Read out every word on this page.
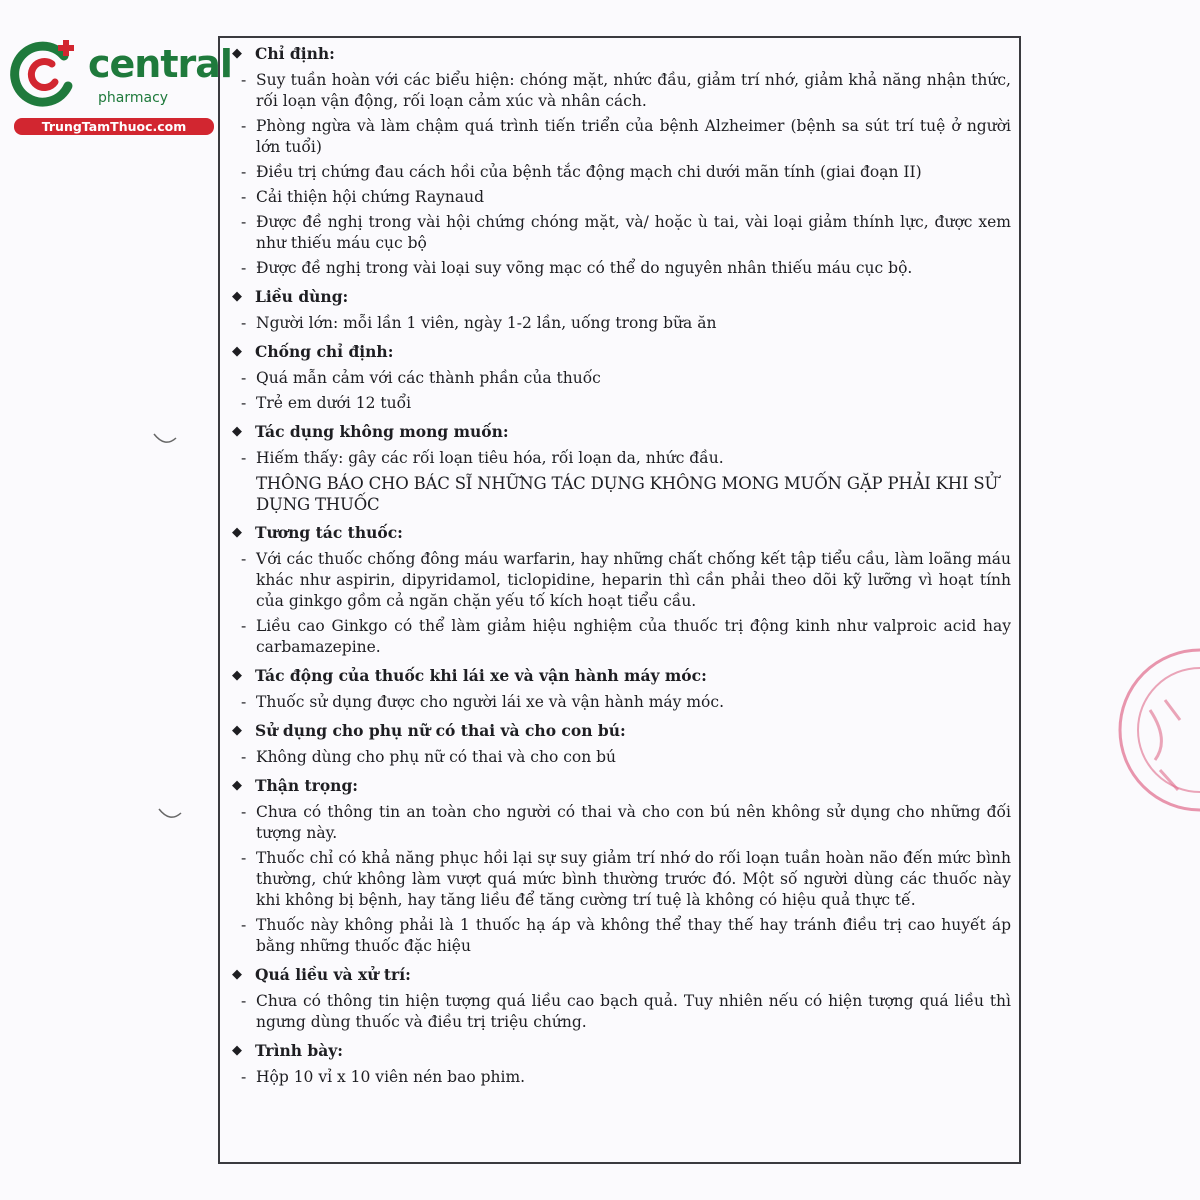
central
pharmacy
TrungTamThuoc.com
◆ Chỉ định:
- Suy tuần hoàn với các biểu hiện: chóng mặt, nhức đầu, giảm trí nhớ, giảm khả năng nhận thức, rối loạn vận động, rối loạn cảm xúc và nhân cách.
- Phòng ngừa và làm chậm quá trình tiến triển của bệnh Alzheimer (bệnh sa sút trí tuệ ở người lớn tuổi)
- Điều trị chứng đau cách hồi của bệnh tắc động mạch chi dưới mãn tính (giai đoạn II)
- Cải thiện hội chứng Raynaud
- Được đề nghị trong vài hội chứng chóng mặt, và/ hoặc ù tai, vài loại giảm thính lực, được xem như thiếu máu cục bộ
- Được đề nghị trong vài loại suy võng mạc có thể do nguyên nhân thiếu máu cục bộ.
◆ Liều dùng:
- Người lớn: mỗi lần 1 viên, ngày 1-2 lần, uống trong bữa ăn
◆ Chống chỉ định:
- Quá mẫn cảm với các thành phần của thuốc
- Trẻ em dưới 12 tuổi
◆ Tác dụng không mong muốn:
- Hiếm thấy: gây các rối loạn tiêu hóa, rối loạn da, nhức đầu.
THÔNG BÁO CHO BÁC SĨ NHỮNG TÁC DỤNG KHÔNG MONG MUỐN GẶP PHẢI KHI SỬ DỤNG THUỐC
◆ Tương tác thuốc:
- Với các thuốc chống đông máu warfarin, hay những chất chống kết tập tiểu cầu, làm loãng máu khác như aspirin, dipyridamol, ticlopidine, heparin thì cần phải theo dõi kỹ lưỡng vì hoạt tính của ginkgo gồm cả ngăn chặn yếu tố kích hoạt tiểu cầu.
- Liều cao Ginkgo có thể làm giảm hiệu nghiệm của thuốc trị động kinh như valproic acid hay carbamazepine.
◆ Tác động của thuốc khi lái xe và vận hành máy móc:
- Thuốc sử dụng được cho người lái xe và vận hành máy móc.
◆ Sử dụng cho phụ nữ có thai và cho con bú:
- Không dùng cho phụ nữ có thai và cho con bú
◆ Thận trọng:
- Chưa có thông tin an toàn cho người có thai và cho con bú nên không sử dụng cho những đối tượng này.
- Thuốc chỉ có khả năng phục hồi lại sự suy giảm trí nhớ do rối loạn tuần hoàn não đến mức bình thường, chứ không làm vượt quá mức bình thường trước đó. Một số người dùng các thuốc này khi không bị bệnh, hay tăng liều để tăng cường trí tuệ là không có hiệu quả thực tế.
- Thuốc này không phải là 1 thuốc hạ áp và không thể thay thế hay tránh điều trị cao huyết áp bằng những thuốc đặc hiệu
◆ Quá liều và xử trí:
- Chưa có thông tin hiện tượng quá liều cao bạch quả. Tuy nhiên nếu có hiện tượng quá liều thì ngưng dùng thuốc và điều trị triệu chứng.
◆ Trình bày:
- Hộp 10 vỉ x 10 viên nén bao phim.
